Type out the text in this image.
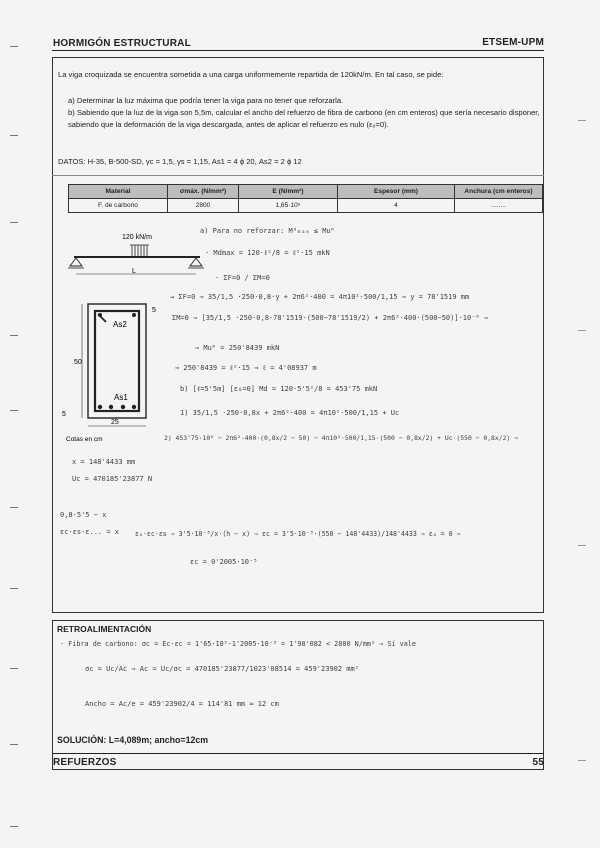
HORMIGÓN ESTRUCTURAL	ETSEM-UPM
La viga croquizada se encuentra sometida a una carga uniformemente repartida de 120kN/m. En tal caso, se pide:
a) Determinar la luz máxima que podría tener la viga para no tener que reforzarla.
b) Sabiendo que la luz de la viga son 5,5m, calcular el ancho del refuerzo de fibra de carbono (en cm enteros) que sería necesario disponer, sabiendo que la deformación de la viga descargada, antes de aplicar el refuerzo es nulo (ε₀=0).
DATOS: H-35, B-500-SD, γc = 1,5, γs = 1,15, As1 = 4 ϕ 20, As2 = 2 ϕ 12
Material	σmáx. (N/mm²)	E (N/mm²)	Espesor (mm)	Anchura (cm enteros)
F. de carbono	2800	1,65·10⁵	4	........
120 kN/m
L
As2
As1
50
5
5
25
Cotas en cm
a) Para no reforzar: Mᵈₘₐₓ ≤ Muᴿ
· Mdmax = 120·ℓ²/8 = ℓ²·15 mkN
· ΣF=0 / ΣM=0
→ ΣF=0 ⇒ 35/1,5 ·250·0,8·y + 2π6²·400 = 4π10²·500/1,15 ⇒ y = 78'1519 mm
ΣM=0 ⇒ [35/1,5 ·250·0,8·78'1519·(500−78'1519/2) + 2π6²·400·(500−50)]·10⁻⁶ ⇒
⇒ Muᴿ = 250'8439 mkN
⇒ 250'8439 = ℓ²·15 ⇒ ℓ = 4'08937 m
b) [ℓ=5'5m] [ε₀=0] Md = 120·5'5²/8 = 453'75 mkN
1) 35/1,5 ·250·0,8x + 2π6²·400 = 4π10²·500/1,15 + Uc
2) 453'75·10⁶ − 2π6²·400·(0,8x/2 − 50) − 4π10²·500/1,15·(500 − 0,8x/2) + Uc·(550 − 0,8x/2) ⇒
x = 148'4433 mm
Uc = 470185'23877 N
0,8·5'5 − x
εc·εs·ε... = x ε₀·εc·εs ⇒ 3'5·10⁻³/x·(h − x) ⇒ εc = 3'5·10⁻³·(550 − 148'4433)/148'4433 ⇒ ε₀ = 0 ⇒
εc = 0'2005·10⁻⁵
RETROALIMENTACIÓN
· Fibra de carbono: σc = Ec·εc = 1'65·10⁵·1'2005·10⁻³ = 1'98'082 < 2800 N/mm² ⇒ Sí vale
σc = Uc/Ac ⇒ Ac = Uc/σc = 470185'23877/1023'08514 = 459'23902 mm²
Ancho = Ac/e = 459'23902/4 = 114'81 mm ≈ 12 cm
SOLUCIÓN: L=4,089m; ancho=12cm
REFUERZOS	55
